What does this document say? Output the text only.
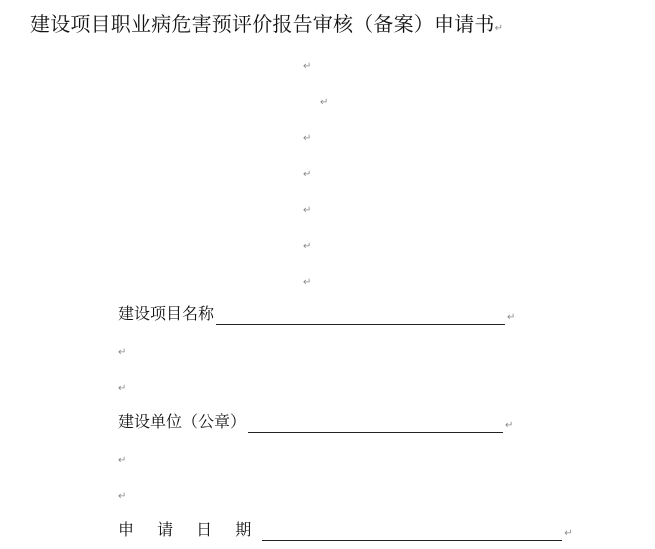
建设项目职业病危害预评价报告审核（备案）申请书↵
↵
↵
↵
↵
↵
↵
↵
建设项目名称	↵
↵
↵
建设单位（公章）	↵
↵
↵
申 请 日 期	↵
